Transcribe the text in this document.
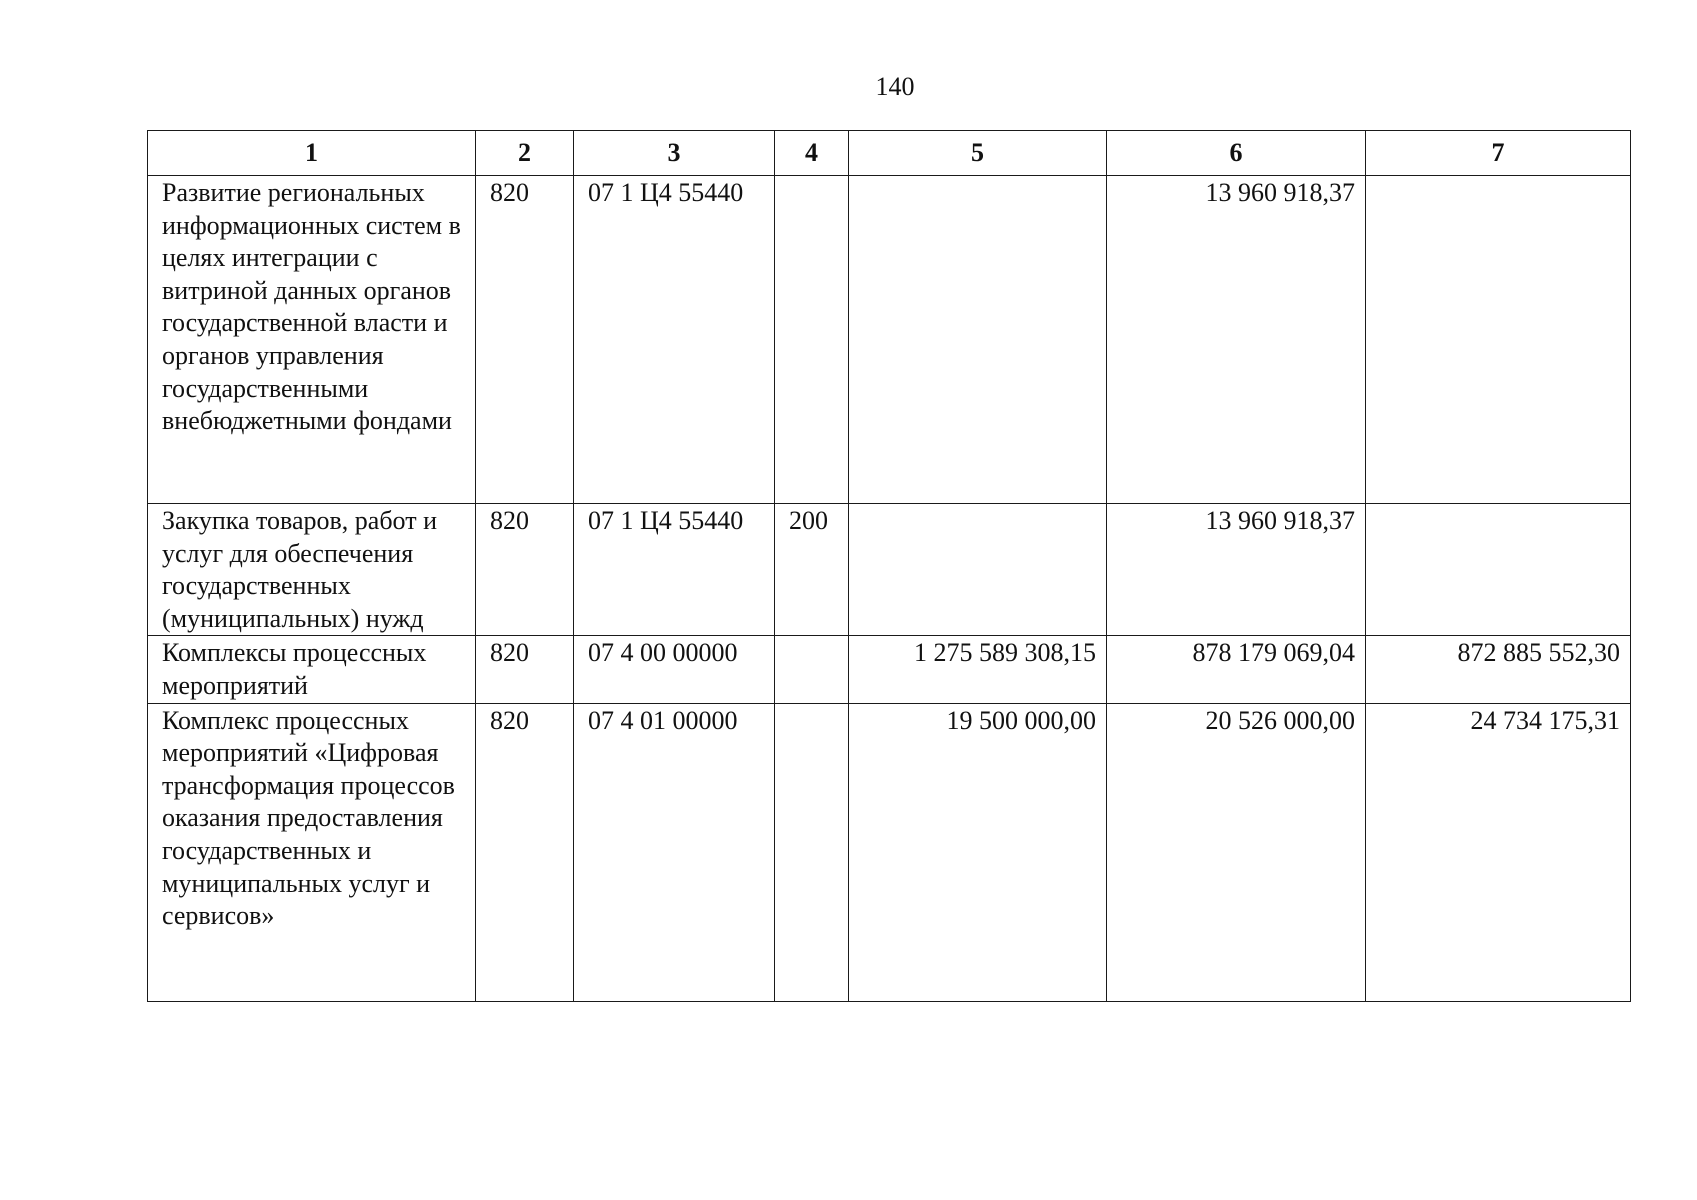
140
1	2	3	4	5	6	7
Развитие региональных информационных систем в целях интеграции с витриной данных органов государственной власти и органов управления государственными внебюджетными фондами	820	07 1 Ц4 55440			13 960 918,37	
Закупка товаров, работ и услуг для обеспечения государственных (муниципальных) нужд	820	07 1 Ц4 55440	200		13 960 918,37	
Комплексы процессных мероприятий	820	07 4 00 00000		1 275 589 308,15	878 179 069,04	872 885 552,30
Комплекс процессных мероприятий «Цифровая трансформация процессов оказания предоставления государственных и муниципальных услуг и сервисов»	820	07 4 01 00000		19 500 000,00	20 526 000,00	24 734 175,31
